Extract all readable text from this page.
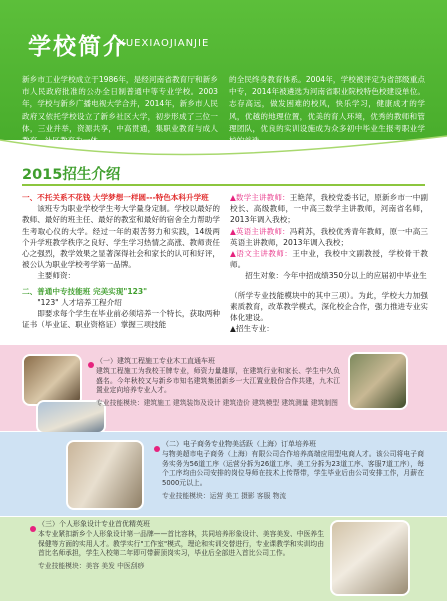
学校简介
XUEXIAOJIANJIE
新乡市工业学校成立于1986年，是经河南省教育厅和新乡市人民政府批准的公办全日制普通中等专业学校。2003年，学校与新乡广播电视大学合并，2014年，新乡市人民政府又依托学校设立了新乡社区大学，初步形成了三位一体，三业并举，资源共享，中高贯通，集职业教育与成人教育，社区教育为一体
的全民终身教育体系。2004年，学校被评定为省部级重点中专，2014年被遴选为河南省职业院校特色校建设单位。志存高远，做发困难的校风，快乐学习，健康成才的学风，优越的地理位置，优美的育人环境，优秀的教师和管理团队，优良的实训设施成为众多初中毕业生报考职业学校的首选。
2015招生介绍
一、不托关系不花钱 大学梦想一样圆---特色本科升学班
该班专为职业学校学生考大学量身定制。学校以最好的教师、最好的班主任、最好的教室和最好的宿舍全力帮助学生考取心仪的大学。经过一年的艰苦努力和实践，14级两个升学班教学秩序之良好、学生学习热情之高涨、教师责任心之强烈，教学效果之显著深得社会和家长的认可和好评，被公认为职业学校考学第一品牌。
主要师资：
二、普通中专技能班 完美实现"123"
"123" 人才培养工程介绍
即要求每个学生在毕业前必须培养一个特长，获取两种证书（毕业证、职业资格证）掌握三项技能
▲数学主讲教师：王艳萍，我校党委书记，原新乡市一中副校长、高级教师，一中高三数学主讲教师，河南省名师，2013年调入我校；
▲英语主讲教师：冯莉苏，我校优秀青年教师，原一中高三英语主讲教师，2013年调入我校；
▲语文主讲教师：王中业，我校中文副教授，学校骨干教师。
招生对象：今年中招成绩350分以上的应届初中毕业生
（所学专业技能模块中的其中三项）。为此，学校大力加强素质教育，改革教学模式，深化校企合作，强力推进专业实体化建设。
▲招生专业：
（一）建筑工程施工专业木工直通车班
建筑工程施工为我校王牌专业，师资力量雄厚，在建筑行业和家长、学生中久负盛名。今年秋校又与新乡市知名建筑集团新乡一大江置业股份合作共建，九木江置业定向培养专业人才。
专业技能模块：建筑施工 建筑装饰及设计 建筑造价 建筑模型 建筑测量 建筑制图
（二）电子商务专业物美活跃（上海）订单培养班
与物美超市电子商务（上海）有限公司合作培养高端应用型电商人才。该公司将电子商务实务为56道工序（运营分拆为26道工序、美工分拆为23道工序、客服7道工序），每个工序均由公司安排的岗位导师在技术上传帮带，学生毕业后由公司安排工作，月薪在5000元以上。
专业技能模块：运营 美工 摄影 客服 物流
（三）个人形象设计专业首优精英班
本专业紧扣新乡个人形象设计第一品牌——首比容林，共同培养形象设计、美容美发、中医养生保健等方面的实用人才。教学实行"工作室"模式，理论和实训交替进行，专业课教学和实训均由首比名师承担，学生入校第二年即可带薪顶岗实习，毕业后全部进入首比公司工作。
专业技能模块：美容 美发 中医刮痧
